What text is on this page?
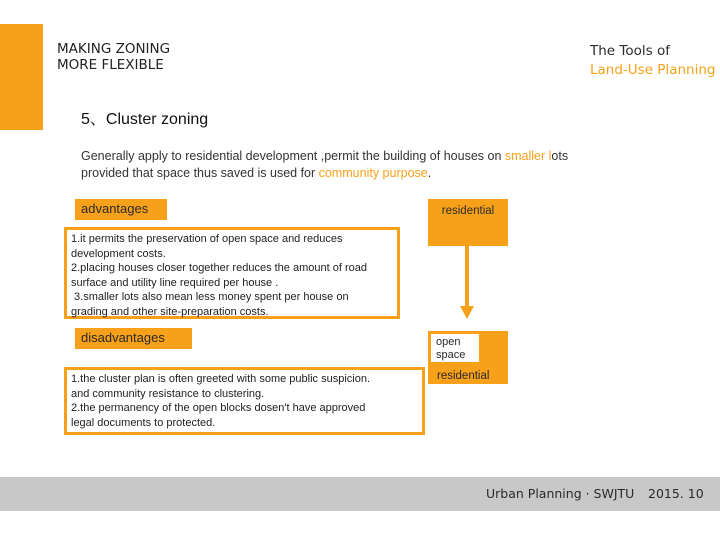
MAKING ZONING
MORE FLEXIBLE
The Tools of
Land-Use Planning
5、Cluster zoning
Generally apply to residential development ,permit the building of houses on smaller lots provided that space thus saved is used for community purpose.
advantages
1.it permits the preservation of open space and reduces
development costs.
2.placing houses closer together reduces the amount of road
surface and utility line required per house .
3.smaller lots also mean less money spent per house on
grading and other site-preparation costs.
disadvantages
1.the cluster plan is often greeted with some public suspicion.
and community resistance to clustering.
2.the permanency of the open blocks dosen't have approved
legal documents to protected.
residential
open
space
residential
Urban Planning · SWJTU 2015. 10
